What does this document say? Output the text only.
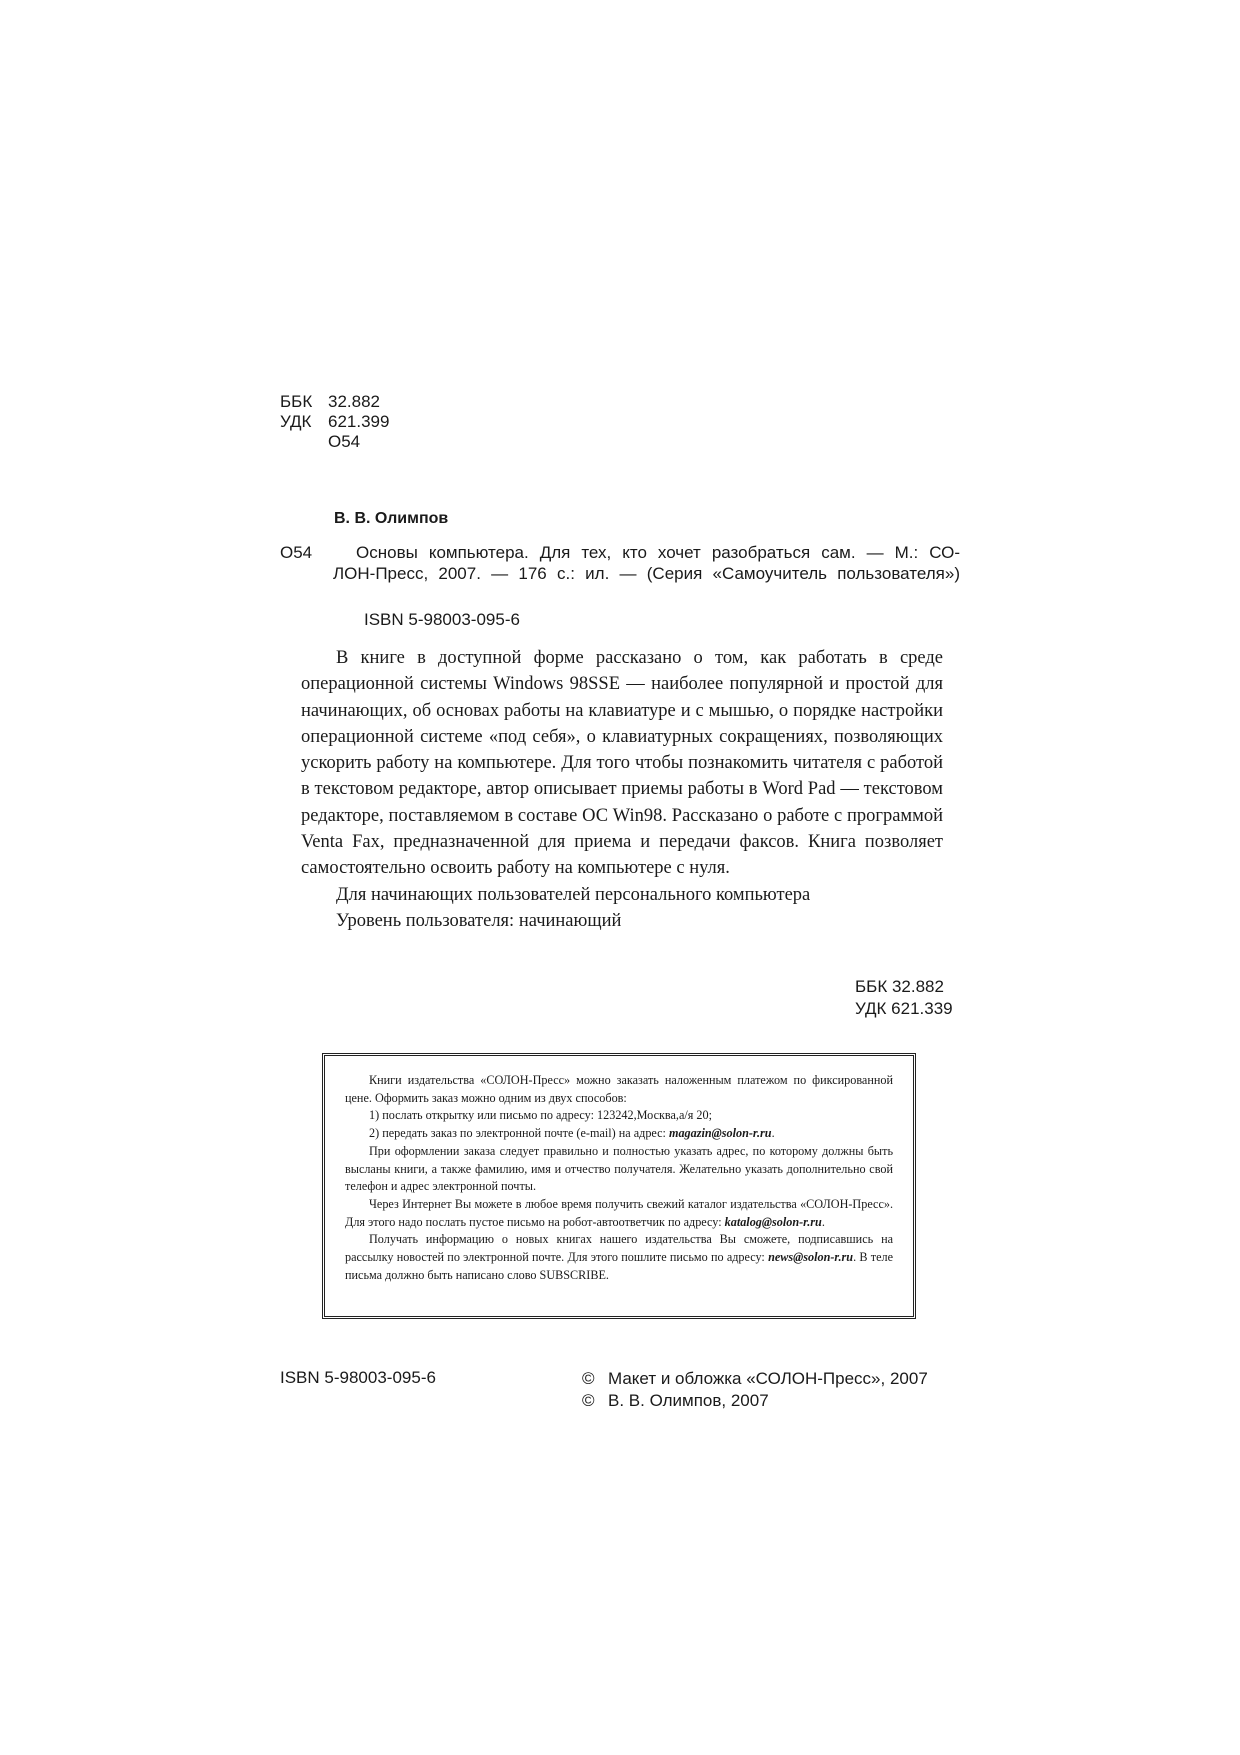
ББК 32.882
УДК 621.399
О54
В. В. Олимпов
О54	Основы компьютера. Для тех, кто хочет разобраться сам. — М.: СО-
ЛОН-Пресс, 2007. — 176 с.: ил. — (Серия «Самоучитель пользователя»)
ISBN 5-98003-095-6

В книге в доступной форме рассказано о том, как работать в среде операционной системы Windows 98SSE — наиболее популярной и простой для начинающих, об основах работы на клавиатуре и с мышью, о порядке настройки операционной системе «под себя», о клавиатурных сокращениях, позволяющих ускорить работу на компьютере. Для того чтобы познакомить читателя с работой в текстовом редакторе, автор описывает приемы работы в Word Pad — текстовом редакторе, поставляемом в составе ОС Win98. Рассказано о работе с программой Venta Fax, предназначенной для приема и передачи факсов. Книга позволяет самостоятельно освоить работу на компьютере с нуля.

Для начинающих пользователей персонального компьютера

Уровень пользователя: начинающий

ББК 32.882
УДК 621.339

Книги издательства «СОЛОН-Пресс» можно заказать наложенным платежом по фиксированной цене. Оформить заказ можно одним из двух способов:

1) послать открытку или письмо по адресу: 123242,Москва,а/я 20;

2) передать заказ по электронной почте (e-mail) на адрес: magazin@solon-r.ru.

При оформлении заказа следует правильно и полностью указать адрес, по которому должны быть высланы книги, а также фамилию, имя и отчество получателя. Желательно указать дополнительно свой телефон и адрес электронной почты.

Через Интернет Вы можете в любое время получить свежий каталог издательства «СОЛОН-Пресс». Для этого надо послать пустое письмо на робот-автоответчик по адресу: katalog@solon-r.ru.

Получать информацию о новых книгах нашего издательства Вы сможете, подписавшись на рассылку новостей по электронной почте. Для этого пошлите письмо по адресу: news@solon-r.ru. В теле письма должно быть написано слово SUBSCRIBE.

ISBN 5-98003-095-6	© Макет и обложка «СОЛОН-Пресс», 2007
© В. В. Олимпов, 2007
